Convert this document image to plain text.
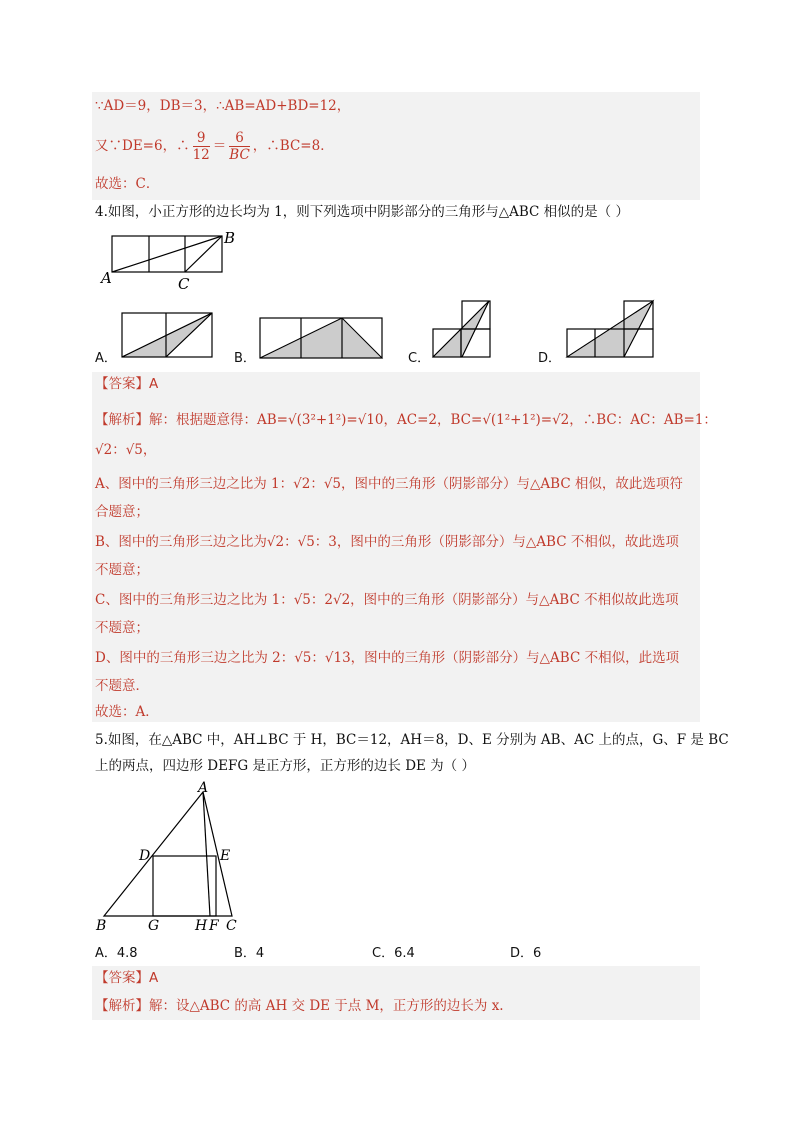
∵AD＝9，DB＝3，∴AB=AD+BD=12，
又∵DE=6，∴ $\frac{9}{12} = \frac{6}{BC}$ ，∴BC=8．
故选：C．
4.如图，小正方形的边长均为 1，则下列选项中阴影部分的三角形与△ABC 相似的是（ ）
A
B
C
A．	B．	C．	D．
【答案】A
【解析】解：根据题意得：AB=√(3²+1²)=√10，AC=2，BC=√(1²+1²)=√2，∴BC：AC：AB=1：
√2：√5，
A、图中的三角形三边之比为 1：√2：√5，图中的三角形（阴影部分）与△ABC 相似，故此选项符
合题意；
B、图中的三角形三边之比为√2：√5：3，图中的三角形（阴影部分）与△ABC 不相似，故此选项
不题意；
C、图中的三角形三边之比为 1：√5：2√2，图中的三角形（阴影部分）与△ABC 不相似故此选项
不题意；
D、图中的三角形三边之比为 2：√5：√13，图中的三角形（阴影部分）与△ABC 不相似，此选项
不题意．
故选：A．
5.如图，在△ABC 中，AH⊥BC 于 H，BC＝12，AH＝8，D、E 分别为 AB、AC 上的点，G、F 是 BC
上的两点，四边形 DEFG 是正方形，正方形的边长 DE 为（ ）
A
B	C
D	E
G	H F
A．4.8	B．4	C．6.4	D．6
【答案】A
【解析】解：设△ABC 的高 AH 交 DE 于点 M，正方形的边长为 x.
